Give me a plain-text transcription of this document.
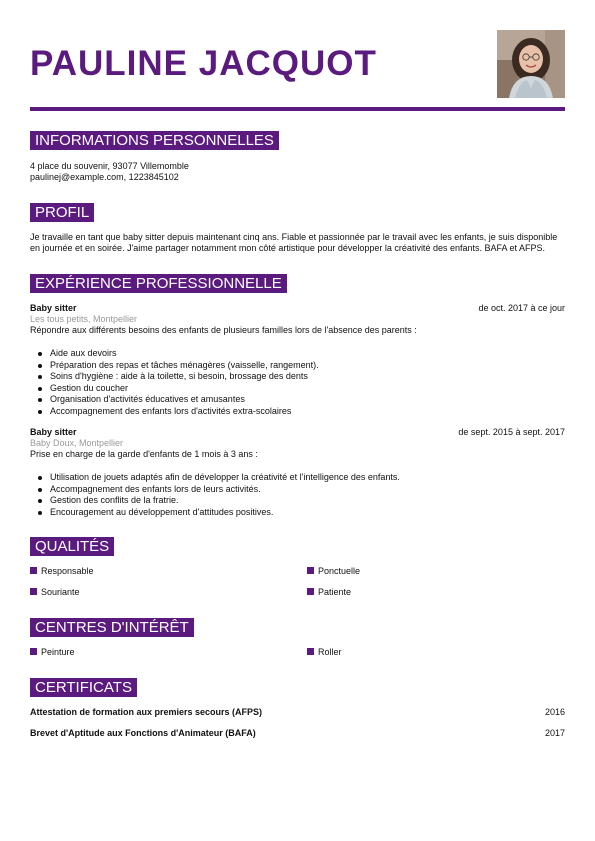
PAULINE JACQUOT
INFORMATIONS PERSONNELLES
4 place du souvenir, 93077 Villemomble
paulinej@example.com, 1223845102
PROFIL
Je travaille en tant que baby sitter depuis maintenant cinq ans. Fiable et passionnée par le travail avec les enfants, je suis disponible
en journée et en soirée. J'aime partager notamment mon côté artistique pour développer la créativité des enfants. BAFA et AFPS.
EXPÉRIENCE PROFESSIONNELLE
Baby sitter	de oct. 2017 à ce jour
Les tous petits, Montpellier
Répondre aux différents besoins des enfants de plusieurs familles lors de l'absence des parents :
Aide aux devoirs
Préparation des repas et tâches ménagères (vaisselle, rangement).
Soins d'hygiène : aide à la toilette, si besoin, brossage des dents
Gestion du coucher
Organisation d'activités éducatives et amusantes
Accompagnement des enfants lors d'activités extra-scolaires
Baby sitter	de sept. 2015 à sept. 2017
Baby Doux, Montpellier
Prise en charge de la garde d'enfants de 1 mois à 3 ans :
Utilisation de jouets adaptés afin de développer la créativité et l'intelligence des enfants.
Accompagnement des enfants lors de leurs activités.
Gestion des conflits de la fratrie.
Encouragement au développement d'attitudes positives.
QUALITÉS
Responsable	Ponctuelle
Souriante	Patiente
CENTRES D'INTÉRÊT
Peinture	Roller
CERTIFICATS
Attestation de formation aux premiers secours (AFPS)	2016
Brevet d'Aptitude aux Fonctions d'Animateur (BAFA)	2017
